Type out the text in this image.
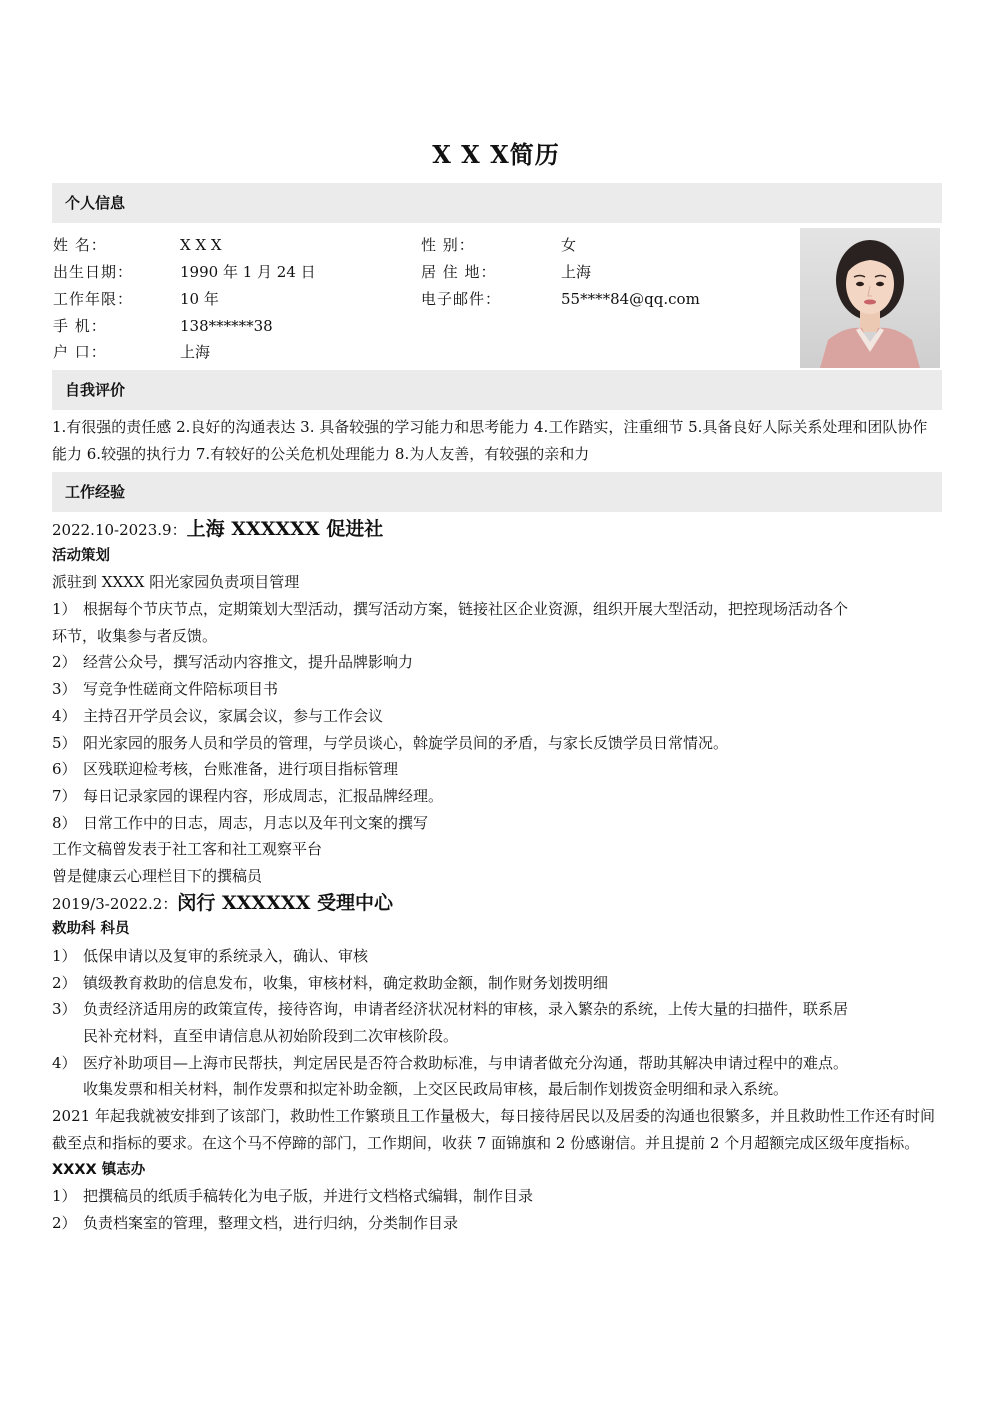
X X X简历
个人信息
姓 名：	X X X	性 别：	女
出生日期：	1990 年 1 月 24 日	居 住 地：	上海
工作年限：	10 年	电子邮件：	55****84@qq.com
手 机：	138******38
户 口：	上海
自我评价
1.有很强的责任感 2.良好的沟通表达 3. 具备较强的学习能力和思考能力 4.工作踏实，注重细节 5.具备良好人际关系处理和团队协作能力 6.较强的执行力 7.有较好的公关危机处理能力 8.为人友善，有较强的亲和力
工作经验
2022.10-2023.9：上海 XXXXXX 促进社
活动策划
派驻到 XXXX 阳光家园负责项目管理
1） 根据每个节庆节点，定期策划大型活动，撰写活动方案，链接社区企业资源，组织开展大型活动，把控现场活动各个
环节，收集参与者反馈。
2） 经营公众号，撰写活动内容推文，提升品牌影响力
3） 写竞争性磋商文件陪标项目书
4） 主持召开学员会议，家属会议，参与工作会议
5） 阳光家园的服务人员和学员的管理，与学员谈心，斡旋学员间的矛盾，与家长反馈学员日常情况。
6） 区残联迎检考核，台账准备，进行项目指标管理
7） 每日记录家园的课程内容，形成周志，汇报品牌经理。
8） 日常工作中的日志，周志，月志以及年刊文案的撰写
工作文稿曾发表于社工客和社工观察平台
曾是健康云心理栏目下的撰稿员
2019/3-2022.2：闵行 XXXXXX 受理中心
救助科 科员
1） 低保申请以及复审的系统录入，确认、审核
2） 镇级教育救助的信息发布，收集，审核材料，确定救助金额，制作财务划拨明细
3） 负责经济适用房的政策宣传，接待咨询，申请者经济状况材料的审核，录入繁杂的系统，上传大量的扫描件，联系居
民补充材料，直至申请信息从初始阶段到二次审核阶段。
4） 医疗补助项目—上海市民帮扶，判定居民是否符合救助标准，与申请者做充分沟通，帮助其解决申请过程中的难点。
收集发票和相关材料，制作发票和拟定补助金额，上交区民政局审核，最后制作划拨资金明细和录入系统。
2021 年起我就被安排到了该部门，救助性工作繁琐且工作量极大，每日接待居民以及居委的沟通也很繁多，并且救助性工作还有时间截至点和指标的要求。在这个马不停蹄的部门，工作期间，收获 7 面锦旗和 2 份感谢信。并且提前 2 个月超额完成区级年度指标。
XXXX 镇志办
1） 把撰稿员的纸质手稿转化为电子版，并进行文档格式编辑，制作目录
2） 负责档案室的管理，整理文档，进行归纳，分类制作目录
